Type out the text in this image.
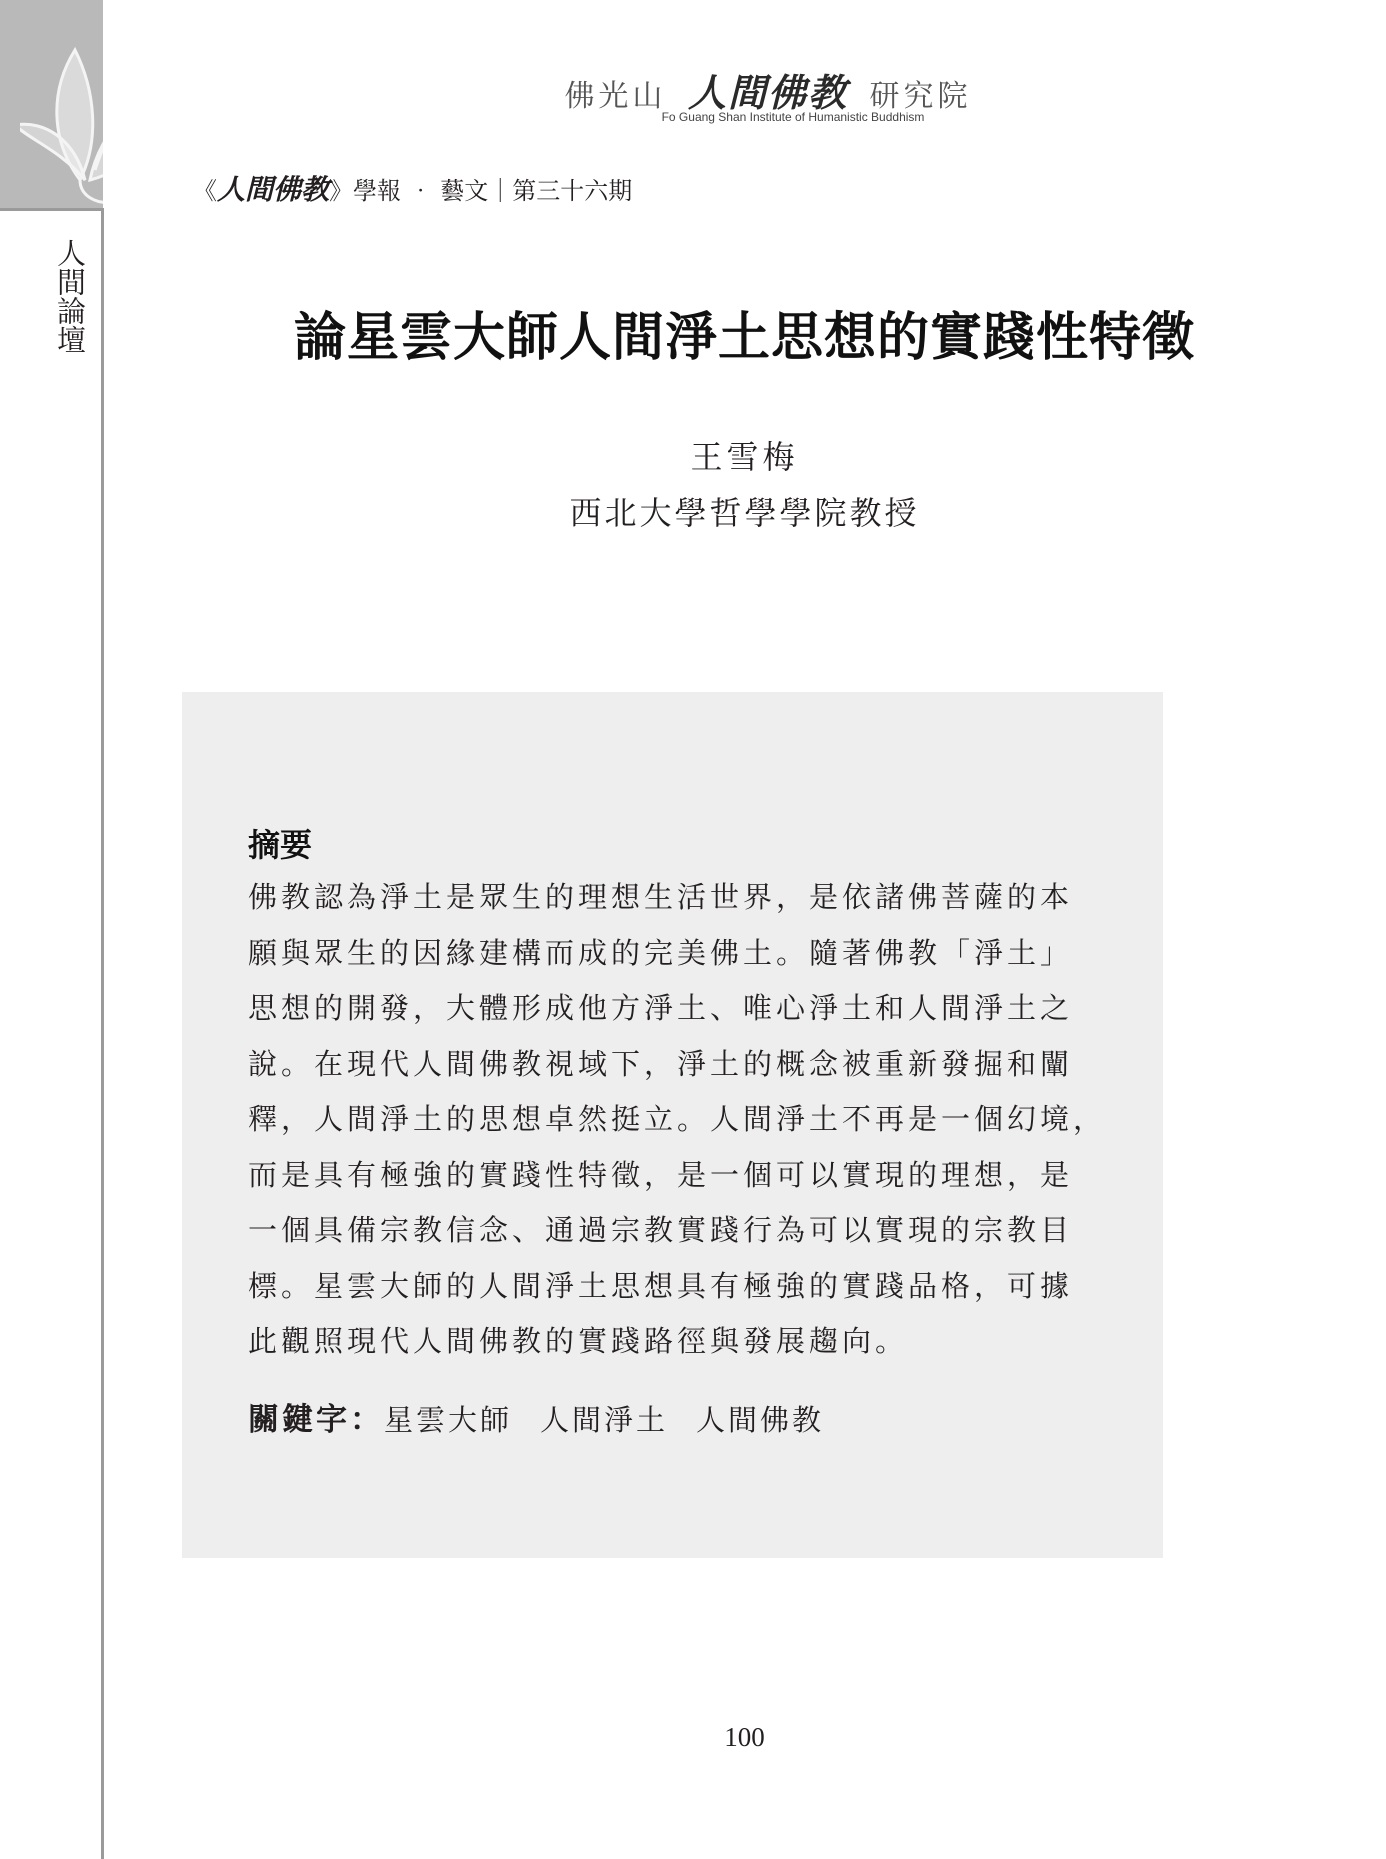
人間論壇
佛光山 人間佛教 研究院
Fo Guang Shan Institute of Humanistic Buddhism
《人間佛教》學報 ‧ 藝文｜第三十六期
論星雲大師人間淨土思想的實踐性特徵
王雪梅
西北大學哲學學院教授
摘要
佛教認為淨土是眾生的理想生活世界，是依諸佛菩薩的本
願與眾生的因緣建構而成的完美佛土。隨著佛教「淨土」
思想的開發，大體形成他方淨土、唯心淨土和人間淨土之
說。在現代人間佛教視域下，淨土的概念被重新發掘和闡
釋，人間淨土的思想卓然挺立。人間淨土不再是一個幻境，
而是具有極強的實踐性特徵，是一個可以實現的理想，是
一個具備宗教信念、通過宗教實踐行為可以實現的宗教目
標。星雲大師的人間淨土思想具有極強的實踐品格，可據
此觀照現代人間佛教的實踐路徑與發展趨向。
關鍵字：星雲大師 人間淨土 人間佛教
100
